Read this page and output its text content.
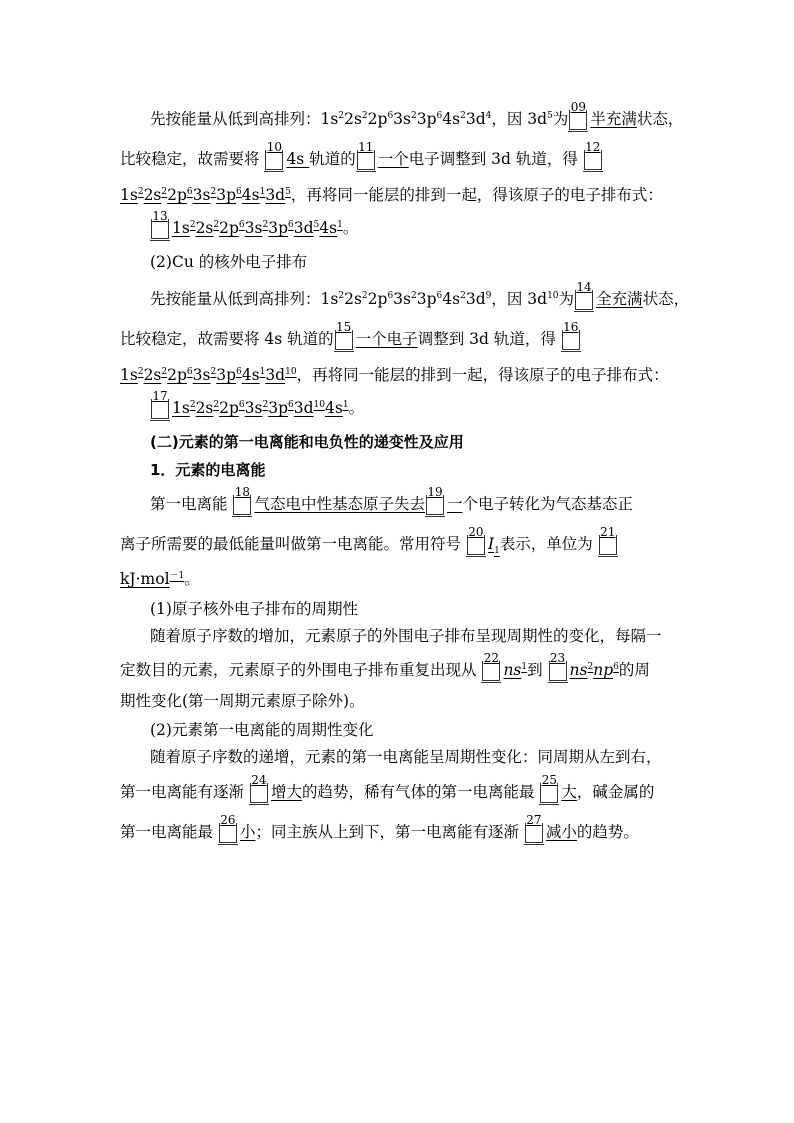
先按能量从低到高排列：$1s^22s^22p^63s^23p^64s^23d^4$，因 $3d^5$为
09
半充满状态，
比较稳定，故需要将
10
4s 轨道的
11
一个电子调整到 3d 轨道，得
12
$1s^22s^22p^63s^23p^64s^13d^5$，再将同一能层的排到一起，得该原子的电子排布式：
13
$1s^22s^22p^63s^23p^63d^54s^1$。
(2)Cu 的核外电子排布
先按能量从低到高排列：$1s^22s^22p^63s^23p^64s^23d^9$，因 $3d^{10}$为
14
全充满状态，
比较稳定，故需要将 4s 轨道的
15
一个电子调整到 3d 轨道，得
16
$1s^22s^22p^63s^23p^64s^13d^{10}$，再将同一能层的排到一起，得该原子的电子排布式：
17
$1s^22s^22p^63s^23p^63d^{10}4s^1$。
(二)元素的第一电离能和电负性的递变性及应用
1．元素的电离能
第一电离能
18
气态电中性基态原子失去
19
一个电子转化为气态基态正
离子所需要的最低能量叫做第一电离能。常用符号
20
$I_1$表示，单位为
21
kJ·mol$^{-1}$。
(1)原子核外电子排布的周期性
随着原子序数的增加，元素原子的外围电子排布呈现周期性的变化，每隔一
定数目的元素，元素原子的外围电子排布重复出现从
22
$ns^1$到
23
$ns^2np^6$的周
期性变化(第一周期元素原子除外)。
(2)元素第一电离能的周期性变化
随着原子序数的递增，元素的第一电离能呈周期性变化：同周期从左到右，
第一电离能有逐渐
24
增大的趋势，稀有气体的第一电离能最
25
大，碱金属的
第一电离能最
26
小；同主族从上到下，第一电离能有逐渐
27
减小的趋势。
